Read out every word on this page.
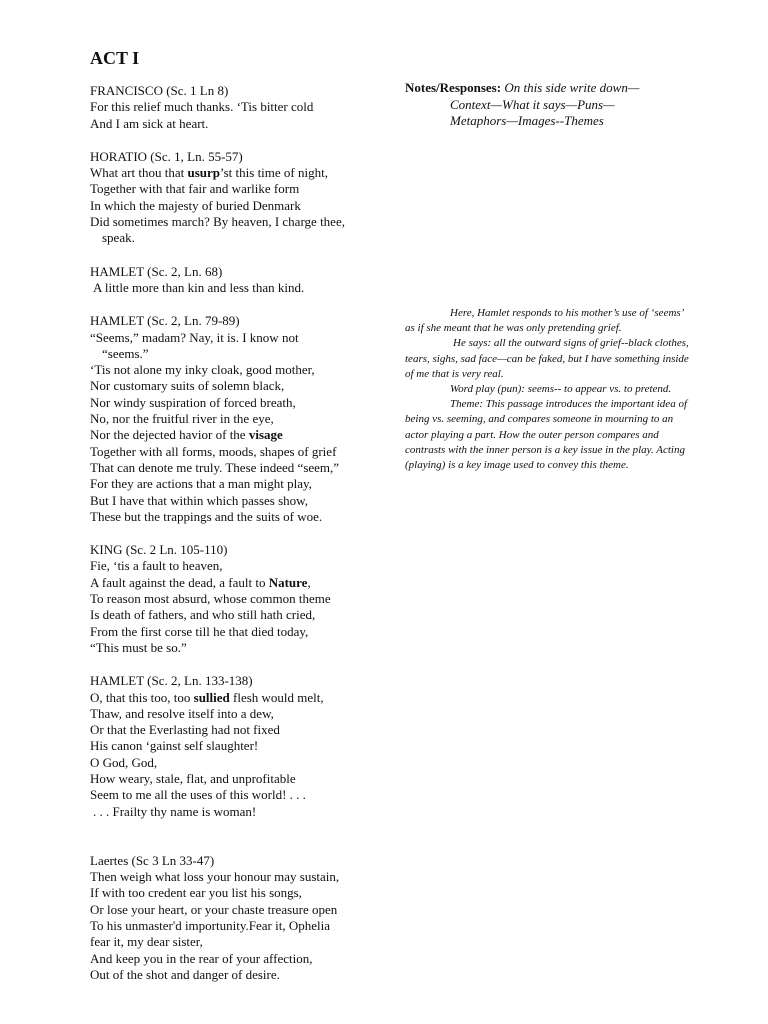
ACT I
FRANCISCO (Sc. 1 Ln 8)
For this relief much thanks. ‘Tis bitter cold
And I am sick at heart.
HORATIO (Sc. 1, Ln. 55-57)
What art thou that usurp’st this time of night,
Together with that fair and warlike form
In which the majesty of buried Denmark
Did sometimes march? By heaven, I charge thee,
speak.
HAMLET (Sc. 2, Ln. 68)
A little more than kin and less than kind.
HAMLET (Sc. 2, Ln. 79-89)
“Seems,” madam? Nay, it is. I know not
“seems.”
‘Tis not alone my inky cloak, good mother,
Nor customary suits of solemn black,
Nor windy suspiration of forced breath,
No, nor the fruitful river in the eye,
Nor the dejected havior of the visage
Together with all forms, moods, shapes of grief
That can denote me truly. These indeed “seem,”
For they are actions that a man might play,
But I have that within which passes show,
These but the trappings and the suits of woe.
KING (Sc. 2 Ln. 105-110)
Fie, ‘tis a fault to heaven,
A fault against the dead, a fault to Nature,
To reason most absurd, whose common theme
Is death of fathers, and who still hath cried,
From the first corse till he that died today,
“This must be so.”
HAMLET (Sc. 2, Ln. 133-138)
O, that this too, too sullied flesh would melt,
Thaw, and resolve itself into a dew,
Or that the Everlasting had not fixed
His canon ‘gainst self slaughter!
O God, God,
How weary, stale, flat, and unprofitable
Seem to me all the uses of this world! . . .
. . . Frailty thy name is woman!
Laertes (Sc 3 Ln 33-47)
Then weigh what loss your honour may sustain,
If with too credent ear you list his songs,
Or lose your heart, or your chaste treasure open
To his unmaster'd importunity.Fear it, Ophelia
fear it, my dear sister,
And keep you in the rear of your affection,
Out of the shot and danger of desire.

Notes/Responses: On this side write down—
Context—What it says—Puns—
Metaphors—Images--Themes

Here, Hamlet responds to his mother’s use of ‘seems’ as if she meant that he was only pretending grief.

He says: all the outward signs of grief--black clothes, tears, sighs, sad face—can be faked, but I have something inside of me that is very real.

Word play (pun): seems-- to appear vs. to pretend.

Theme: This passage introduces the important idea of being vs. seeming, and compares someone in mourning to an actor playing a part. How the outer person compares and contrasts with the inner person is a key issue in the play. Acting (playing) is a key image used to convey this theme.
